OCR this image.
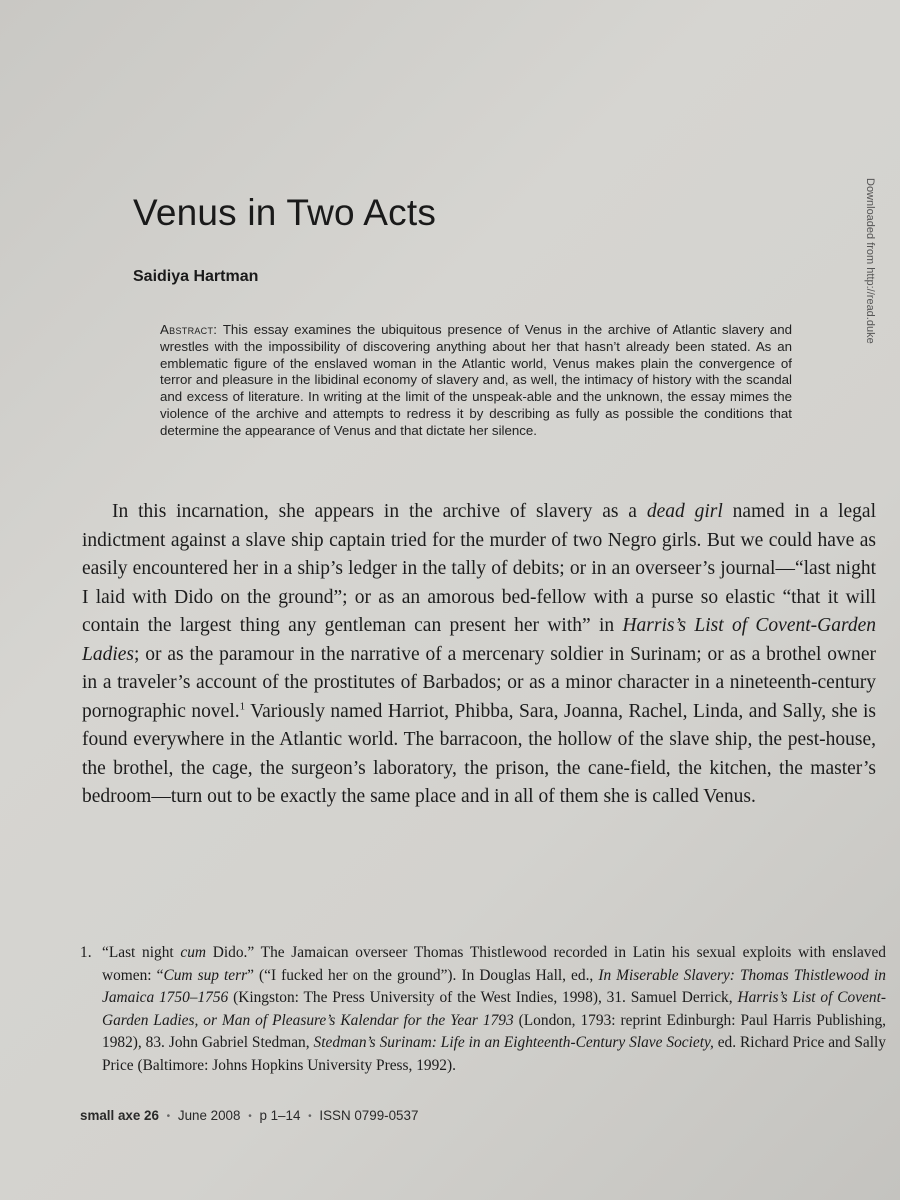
Downloaded from http://read.duke
Venus in Two Acts
Saidiya Hartman
Abstract: This essay examines the ubiquitous presence of Venus in the archive of Atlantic slavery and wrestles with the impossibility of discovering anything about her that hasn’t already been stated. As an emblematic figure of the enslaved woman in the Atlantic world, Venus makes plain the convergence of terror and pleasure in the libidinal economy of slavery and, as well, the intimacy of history with the scandal and excess of literature. In writing at the limit of the unspeak-able and the unknown, the essay mimes the violence of the archive and attempts to redress it by describing as fully as possible the conditions that determine the appearance of Venus and that dictate her silence.

In this incarnation, she appears in the archive of slavery as a dead girl named in a legal indictment against a slave ship captain tried for the murder of two Negro girls. But we could have as easily encountered her in a ship’s ledger in the tally of debits; or in an overseer’s journal—“last night I laid with Dido on the ground”; or as an amorous bed-fellow with a purse so elastic “that it will contain the largest thing any gentleman can present her with” in Harris’s List of Covent-Garden Ladies; or as the paramour in the narrative of a mercenary soldier in Surinam; or as a brothel owner in a traveler’s account of the prostitutes of Barbados; or as a minor character in a nineteenth-century pornographic novel.$^1$ Variously named Harriot, Phibba, Sara, Joanna, Rachel, Linda, and Sally, she is found everywhere in the Atlantic world. The barracoon, the hollow of the slave ship, the pest-house, the brothel, the cage, the surgeon’s laboratory, the prison, the cane-field, the kitchen, the master’s bedroom—turn out to be exactly the same place and in all of them she is called Venus.

1. “Last night cum Dido.” The Jamaican overseer Thomas Thistlewood recorded in Latin his sexual exploits with enslaved women: “Cum sup terr” (“I fucked her on the ground”). In Douglas Hall, ed., In Miserable Slavery: Thomas Thistlewood in Jamaica 1750–1756 (Kingston: The Press University of the West Indies, 1998), 31. Samuel Derrick, Harris’s List of Covent-Garden Ladies, or Man of Pleasure’s Kalendar for the Year 1793 (London, 1793: reprint Edinburgh: Paul Harris Publishing, 1982), 83. John Gabriel Stedman, Stedman’s Surinam: Life in an Eighteenth-Century Slave Society, ed. Richard Price and Sally Price (Baltimore: Johns Hopkins University Press, 1992).
small axe 26 • June 2008 • p 1–14 • ISSN 0799-0537
